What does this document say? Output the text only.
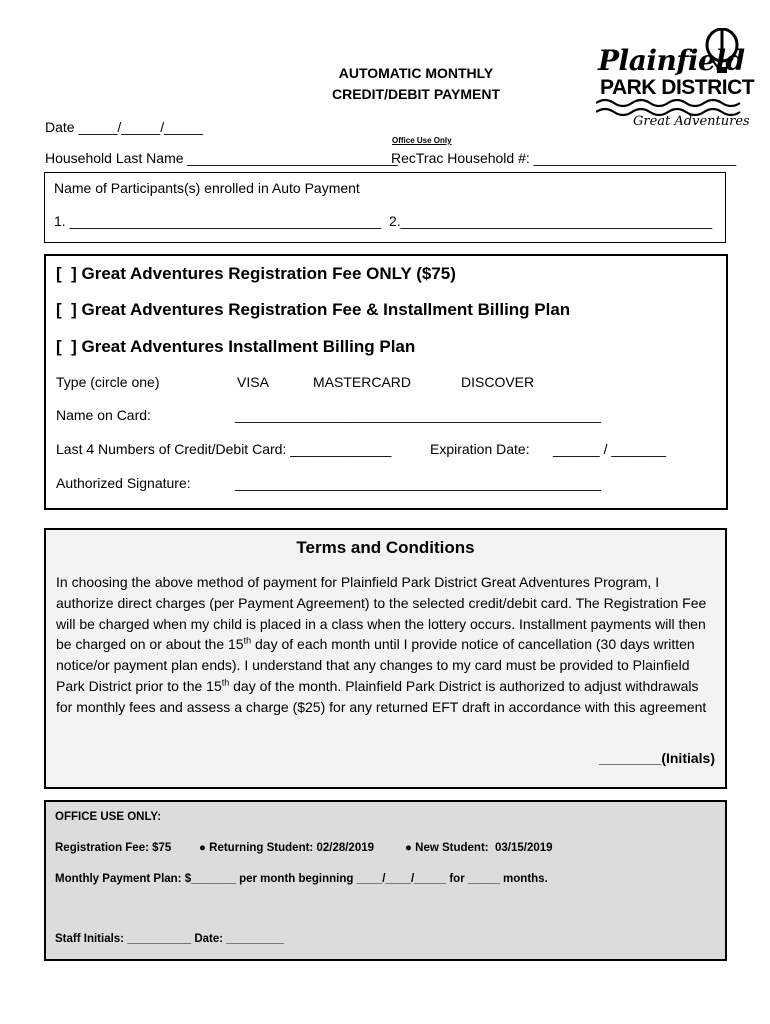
AUTOMATIC MONTHLY
CREDIT/DEBIT PAYMENT
Plainfield
PARK DISTRICT
Great Adventures
Date _____/_____/_____
Office Use Only
Household Last Name ___________________________
RecTrac Household #: __________________________
Name of Participants(s) enrolled in Auto Payment
1. ________________________________________ 2.________________________________________
[  ] Great Adventures Registration Fee ONLY ($75)
[  ] Great Adventures Registration Fee & Installment Billing Plan
[  ] Great Adventures Installment Billing Plan
Type (circle one)	VISA	MASTERCARD	DISCOVER
Name on Card:	_______________________________________________
Last 4 Numbers of Credit/Debit Card: _____________	Expiration Date: ______ / _______
Authorized Signature:	_______________________________________________
Terms and Conditions
In choosing the above method of payment for Plainfield Park District Great Adventures Program, I authorize direct charges (per Payment Agreement) to the selected credit/debit card. The Registration Fee will be charged when my child is placed in a class when the lottery occurs. Installment payments will then be charged on or about the 15th day of each month until I provide notice of cancellation (30 days written notice/or payment plan ends). I understand that any changes to my card must be provided to Plainfield Park District prior to the 15th day of the month. Plainfield Park District is authorized to adjust withdrawals for monthly fees and assess a charge ($25) for any returned EFT draft in accordance with this agreement
________(Initials)
OFFICE USE ONLY:
Registration Fee: $75 ● Returning Student: 02/28/2019	● New Student:  03/15/2019
Monthly Payment Plan: $_______ per month beginning ____/____/_____ for _____ months.
Staff Initials: __________ Date: _________
